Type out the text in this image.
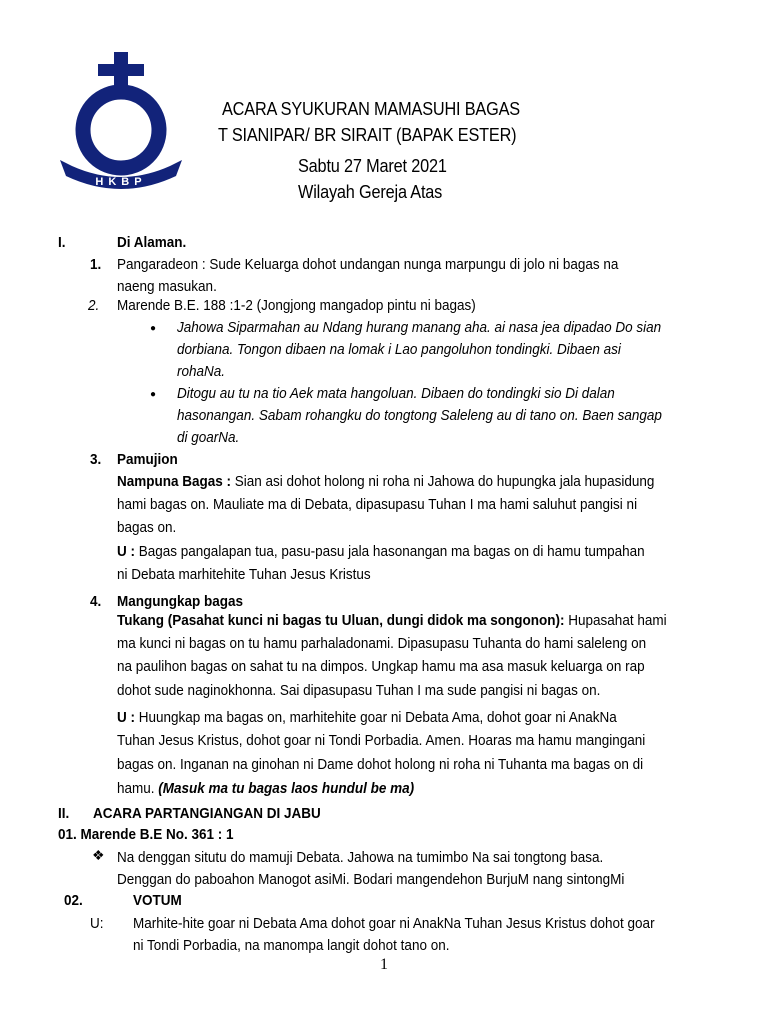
HKBP
ACARA SYUKURAN MAMASUHI BAGAS
T SIANIPAR/ BR SIRAIT (BAPAK ESTER)
Sabtu 27 Maret 2021
Wilayah Gereja Atas
I.	Di Alaman.
1. Pangaradeon : Sude Keluarga dohot undangan nunga marpungu di jolo ni bagas na
naeng masukan.
2. Marende B.E. 188 :1-2 (Jongjong mangadop pintu ni bagas)
● Jahowa Siparmahan au Ndang hurang manang aha. ai nasa jea dipadao Do sian
dorbiana. Tongon dibaen na lomak i Lao pangoluhon tondingki. Dibaen asi
rohaNa.
● Ditogu au tu na tio Aek mata hangoluan. Dibaen do tondingki sio Di dalan
hasonangan. Sabam rohangku do tongtong Saleleng au di tano on. Baen sangap
di goarNa.
3. Pamujion
Nampuna Bagas : Sian asi dohot holong ni roha ni Jahowa do hupungka jala hupasidung
hami bagas on. Mauliate ma di Debata, dipasupasu Tuhan I ma hami saluhut pangisi ni
bagas on.
U : Bagas pangalapan tua, pasu-pasu jala hasonangan ma bagas on di hamu tumpahan
ni Debata marhitehite Tuhan Jesus Kristus
4. Mangungkap bagas
Tukang (Pasahat kunci ni bagas tu Uluan, dungi didok ma songonon): Hupasahat hami
ma kunci ni bagas on tu hamu parhaladonami. Dipasupasu Tuhanta do hami saleleng on
na paulihon bagas on sahat tu na dimpos. Ungkap hamu ma asa masuk keluarga on rap
dohot sude naginokhonna. Sai dipasupasu Tuhan I ma sude pangisi ni bagas on.
U : Huungkap ma bagas on, marhitehite goar ni Debata Ama, dohot goar ni AnakNa
Tuhan Jesus Kristus, dohot goar ni Tondi Porbadia. Amen. Hoaras ma hamu mangingani
bagas on. Inganan na ginohan ni Dame dohot holong ni roha ni Tuhanta ma bagas on di
hamu. (Masuk ma tu bagas laos hundul be ma)
II. ACARA PARTANGIANGAN DI JABU
01. Marende B.E No. 361 : 1
❖ Na denggan situtu do mamuji Debata. Jahowa na tumimbo Na sai tongtong basa.
Denggan do paboahon Manogot asiMi. Bodari mangendehon BurjuM nang sintongMi
02.	VOTUM
U: Marhite-hite goar ni Debata Ama dohot goar ni AnakNa Tuhan Jesus Kristus dohot goar
ni Tondi Porbadia, na manompa langit dohot tano on.
1
